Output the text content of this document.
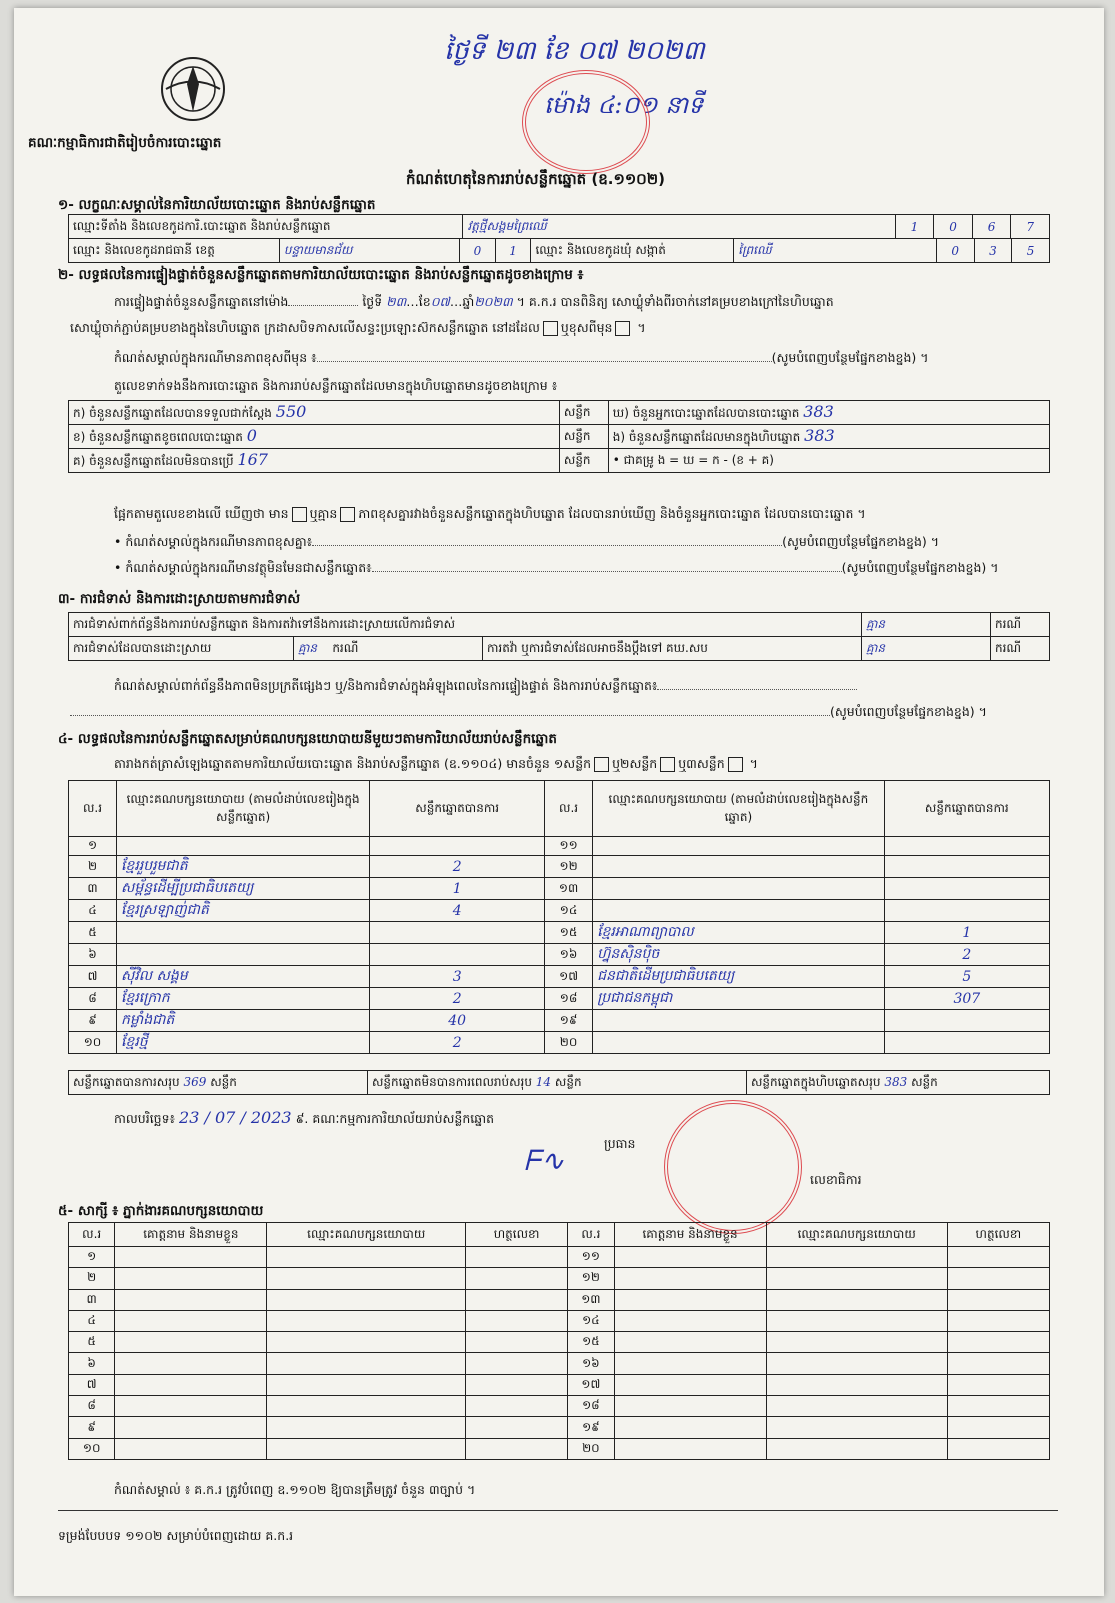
គណៈកម្មាធិការជាតិរៀបចំការបោះឆ្នោត
ថ្ងៃទី ២៣ ខែ ០៧ ២០២៣
ម៉ោង ៤:០១ នាទី
កំណត់ហេតុនៃការរាប់សន្លឹកឆ្នោត (ឧ.១១០២)
១- លក្ខណៈសម្គាល់នៃការិយាល័យបោះឆ្នោត និងរាប់សន្លឹកឆ្នោត
ឈ្មោះទីតាំង និងលេខកូដការិ.បោះឆ្នោត និងរាប់សន្លឹកឆ្នោត	វត្តថ្មីសង្គមព្រៃឈើ	1	0	6	7
ឈ្មោះ និងលេខកូដរាជធានី ខេត្ត	បន្ទាយមានជ័យ	0	1	ឈ្មោះ និងលេខកូដឃុំ សង្កាត់	ព្រៃឈើ	0	3	5
២- លទ្ធផលនៃការផ្ទៀងផ្ទាត់ចំនួនសន្លឹកឆ្នោតតាមការិយាល័យបោះឆ្នោត និងរាប់សន្លឹកឆ្នោតដូចខាងក្រោម ៖
ការផ្ទៀងផ្ទាត់ចំនួនសន្លឹកឆ្នោតនៅម៉ោង	ថ្ងៃទី ២៣…ខែ០៧…ឆ្នាំ២០២៣ ។ គ.ក.រ បានពិនិត្យ សោឃ្លុំទាំងពីរចាក់នៅគម្របខាងក្រៅនៃហិបឆ្នោត
សោឃ្លុំចាក់ភ្ជាប់គម្របខាងក្នុងនៃហិបឆ្នោត ក្រដាសបិទភាសលើសន្ទះប្រឡោះស៊កសន្លឹកឆ្នោត នៅដដែល ឬខុសពីមុន ។
កំណត់សម្គាល់ក្នុងករណីមានភាពខុសពីមុន ៖	(សូមបំពេញបន្ថែមផ្នែកខាងខ្នង) ។
តួលេខទាក់ទងនឹងការបោះឆ្នោត និងការរាប់សន្លឹកឆ្នោតដែលមានក្នុងហិបឆ្នោតមានដូចខាងក្រោម ៖
ក) ចំនួនសន្លឹកឆ្នោតដែលបានទទួលជាក់ស្តែង 550	សន្លឹក	ឃ) ចំនួនអ្នកបោះឆ្នោតដែលបានបោះឆ្នោត 383
ខ) ចំនួនសន្លឹកឆ្នោតខូចពេលបោះឆ្នោត 0	សន្លឹក	ង) ចំនួនសន្លឹកឆ្នោតដែលមានក្នុងហិបឆ្នោត 383
គ) ចំនួនសន្លឹកឆ្នោតដែលមិនបានប្រើ 167	សន្លឹក	• ជាគម្រូ ង = ឃ = ក - (ខ + គ)
ផ្អែកតាមតួលេខខាងលើ ឃើញថា មាន ឬគ្មាន ភាពខុសគ្នារវាងចំនួនសន្លឹកឆ្នោតក្នុងហិបឆ្នោត ដែលបានរាប់ឃើញ និងចំនួនអ្នកបោះឆ្នោត ដែលបានបោះឆ្នោត ។
• កំណត់សម្គាល់ក្នុងករណីមានភាពខុសគ្នា៖	(សូមបំពេញបន្ថែមផ្នែកខាងខ្នង) ។
• កំណត់សម្គាល់ក្នុងករណីមានវត្ថុមិនមែនជាសន្លឹកឆ្នោត៖	(សូមបំពេញបន្ថែមផ្នែកខាងខ្នង) ។
៣- ការជំទាស់ និងការដោះស្រាយតាមការជំទាស់
ការជំទាស់ពាក់ព័ន្ធនឹងការរាប់សន្លឹកឆ្នោត និងការតវ៉ាទៅនឹងការដោះស្រាយលើការជំទាស់			គ្មាន	ករណី
ការជំទាស់ដែលបានដោះស្រាយ	គ្មាន ករណី	ការតវ៉ា ឬការជំទាស់ដែលអាចនឹងប្ដឹងទៅ គឃ.សប	គ្មាន	ករណី
កំណត់សម្គាល់ពាក់ព័ន្ធនឹងភាពមិនប្រក្រតីផ្សេងៗ ឬ/និងការជំទាស់ក្នុងអំឡុងពេលនៃការផ្ទៀងផ្ទាត់ និងការរាប់សន្លឹកឆ្នោត៖
(សូមបំពេញបន្ថែមផ្នែកខាងខ្នង) ។
៤- លទ្ធផលនៃការរាប់សន្លឹកឆ្នោតសម្រាប់គណបក្សនយោបាយនីមួយៗតាមការិយាល័យរាប់សន្លឹកឆ្នោត
តារាងកត់ត្រាសំឡេងឆ្នោតតាមការិយាល័យបោះឆ្នោត និងរាប់សន្លឹកឆ្នោត (ឧ.១១០៤) មានចំនួន ១សន្លឹក ឬ២សន្លឹក ឬ៣សន្លឹក ។
ល.រ	ឈ្មោះគណបក្សនយោបាយ (តាមលំដាប់លេខរៀងក្នុងសន្លឹកឆ្នោត)	សន្លឹកឆ្នោតបានការ	ល.រ	ឈ្មោះគណបក្សនយោបាយ (តាមលំដាប់លេខរៀងក្នុងសន្លឹកឆ្នោត)	សន្លឹកឆ្នោតបានការ
១			១១		
២	ខ្មែររួបរួមជាតិ	2	១២		
៣	សម្ព័ន្ធដើម្បីប្រជាធិបតេយ្យ	1	១៣		
៤	ខ្មែរស្រឡាញ់ជាតិ	4	១៤		
៥			១៥	ខ្មែរអាណាព្យាបាល	1
៦			១៦	ហ្វ៊ុនស៊ិនប៉ិច	2
៧	ស៊ីវិល សង្គម	3	១៧	ជនជាតិដើមប្រជាធិបតេយ្យ	5
៨	ខ្មែរក្រោក	2	១៨	ប្រជាជនកម្ពុជា	307
៩	កម្លាំងជាតិ	40	១៩		
១០	ខ្មែរថ្មី	2	២០		
សន្លឹកឆ្នោតបានការសរុប 369 សន្លឹក	សន្លឹកឆ្នោតមិនបានការពេលរាប់សរុប 14 សន្លឹក	សន្លឹកឆ្នោតក្នុងហិបឆ្នោតសរុប 383 សន្លឹក
កាលបរិច្ឆេទ៖ 23 / 07 / 2023 ៩. គណៈកម្មការការិយាល័យរាប់សន្លឹកឆ្នោត
ប្រធាន
ᖴ∿
លេខាធិការ
៥- សាក្សី ៖ ភ្នាក់ងារគណបក្សនយោបាយ
ល.រ	គោត្តនាម និងនាមខ្លួន	ឈ្មោះគណបក្សនយោបាយ	ហត្ថលេខា	ល.រ	គោត្តនាម និងនាមខ្លួន	ឈ្មោះគណបក្សនយោបាយ	ហត្ថលេខា
១				១១			
២				១២			
៣				១៣			
៤				១៤			
៥				១៥			
៦				១៦			
៧				១៧			
៨				១៨			
៩				១៩			
១០				២០			
កំណត់សម្គាល់ ៖ គ.ក.រ ត្រូវបំពេញ ឧ.១១០២ ឱ្យបានត្រឹមត្រូវ ចំនួន ៣ច្បាប់ ។
ទម្រង់បែបបទ ១១០២ សម្រាប់បំពេញដោយ គ.ក.រ
